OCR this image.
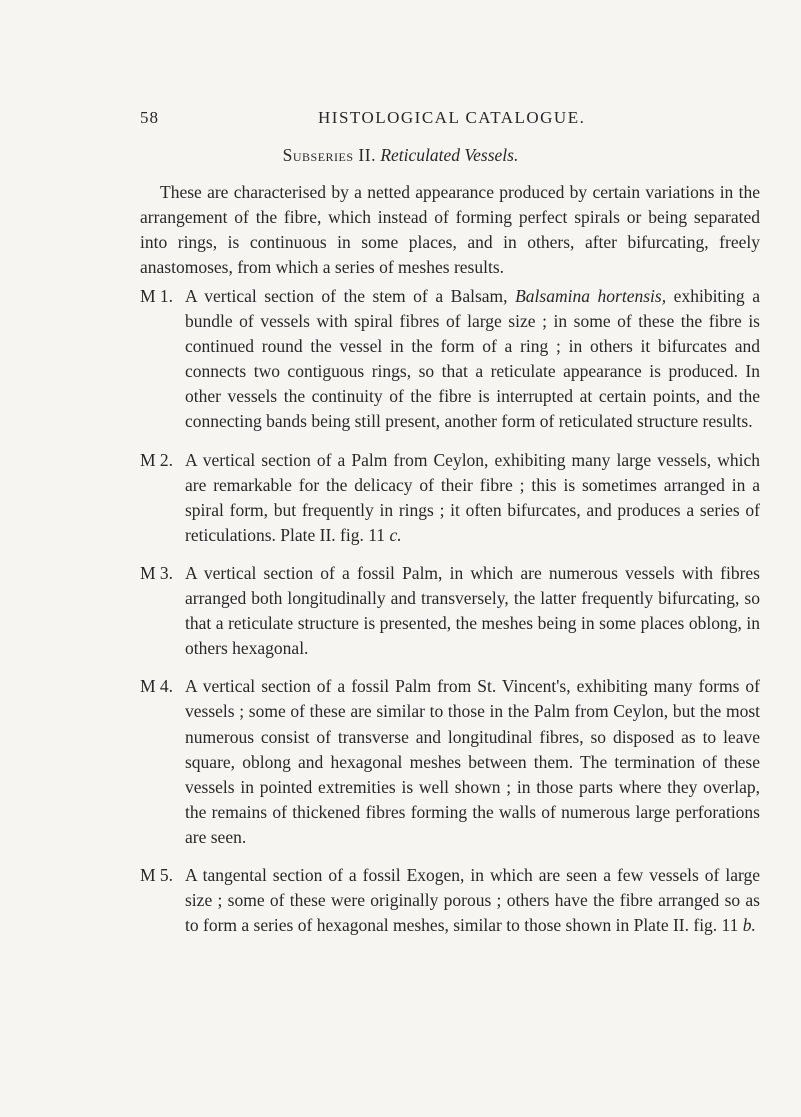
58	HISTOLOGICAL CATALOGUE.
Subseries II. Reticulated Vessels.

These are characterised by a netted appearance produced by certain variations in the arrangement of the fibre, which instead of forming perfect spirals or being separated into rings, is continuous in some places, and in others, after bifurcating, freely anastomoses, from which a series of meshes results.

M 1. A vertical section of the stem of a Balsam, Balsamina hortensis, exhibiting a bundle of vessels with spiral fibres of large size ; in some of these the fibre is continued round the vessel in the form of a ring ; in others it bifurcates and connects two contiguous rings, so that a reticulate appearance is produced. In other vessels the continuity of the fibre is interrupted at certain points, and the connecting bands being still present, another form of reticulated structure results.
M 2. A vertical section of a Palm from Ceylon, exhibiting many large vessels, which are remarkable for the delicacy of their fibre ; this is sometimes arranged in a spiral form, but frequently in rings ; it often bifurcates, and produces a series of reticulations. Plate II. fig. 11 c.
M 3. A vertical section of a fossil Palm, in which are numerous vessels with fibres arranged both longitudinally and transversely, the latter frequently bifurcating, so that a reticulate structure is presented, the meshes being in some places oblong, in others hexagonal.
M 4. A vertical section of a fossil Palm from St. Vincent's, exhibiting many forms of vessels ; some of these are similar to those in the Palm from Ceylon, but the most numerous consist of transverse and longitudinal fibres, so disposed as to leave square, oblong and hexagonal meshes between them. The termination of these vessels in pointed extremities is well shown ; in those parts where they overlap, the remains of thickened fibres forming the walls of numerous large perforations are seen.
M 5. A tangental section of a fossil Exogen, in which are seen a few vessels of large size ; some of these were originally porous ; others have the fibre arranged so as to form a series of hexagonal meshes, similar to those shown in Plate II. fig. 11 b.
